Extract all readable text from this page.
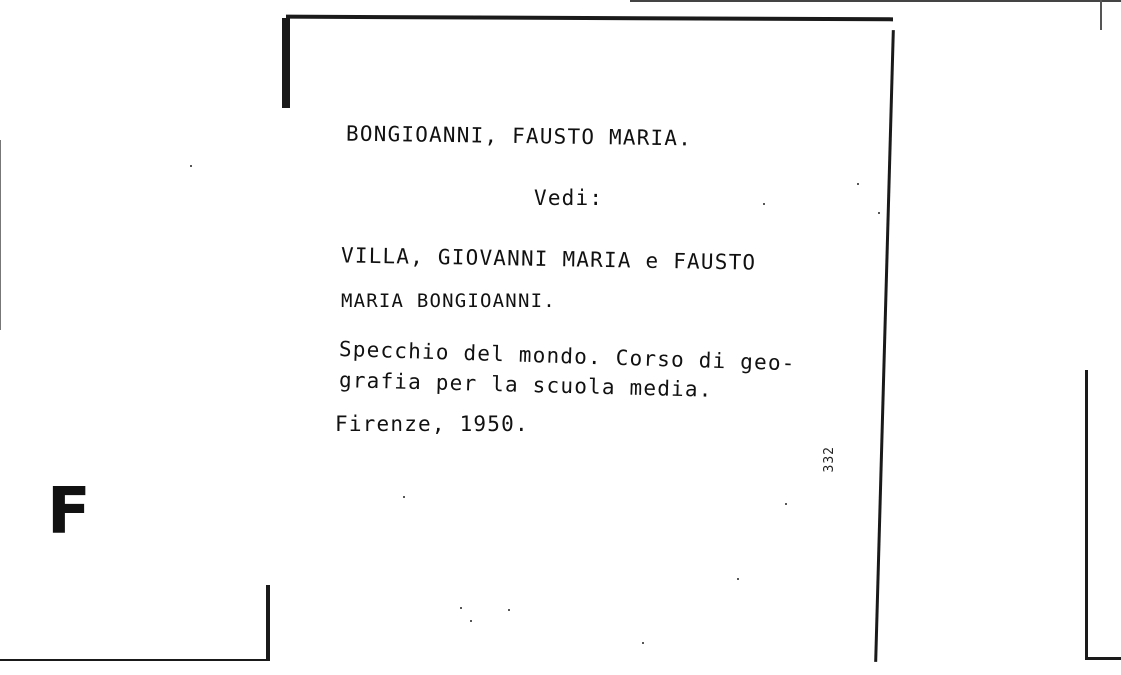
BONGIOANNI, FAUSTO MARIA.
Vedi:
VILLA, GIOVANNI MARIA e FAUSTO
MARIA BONGIOANNI.
Specchio del mondo. Corso di geo-
grafia per la scuola media.
Firenze, 1950.
332
F
